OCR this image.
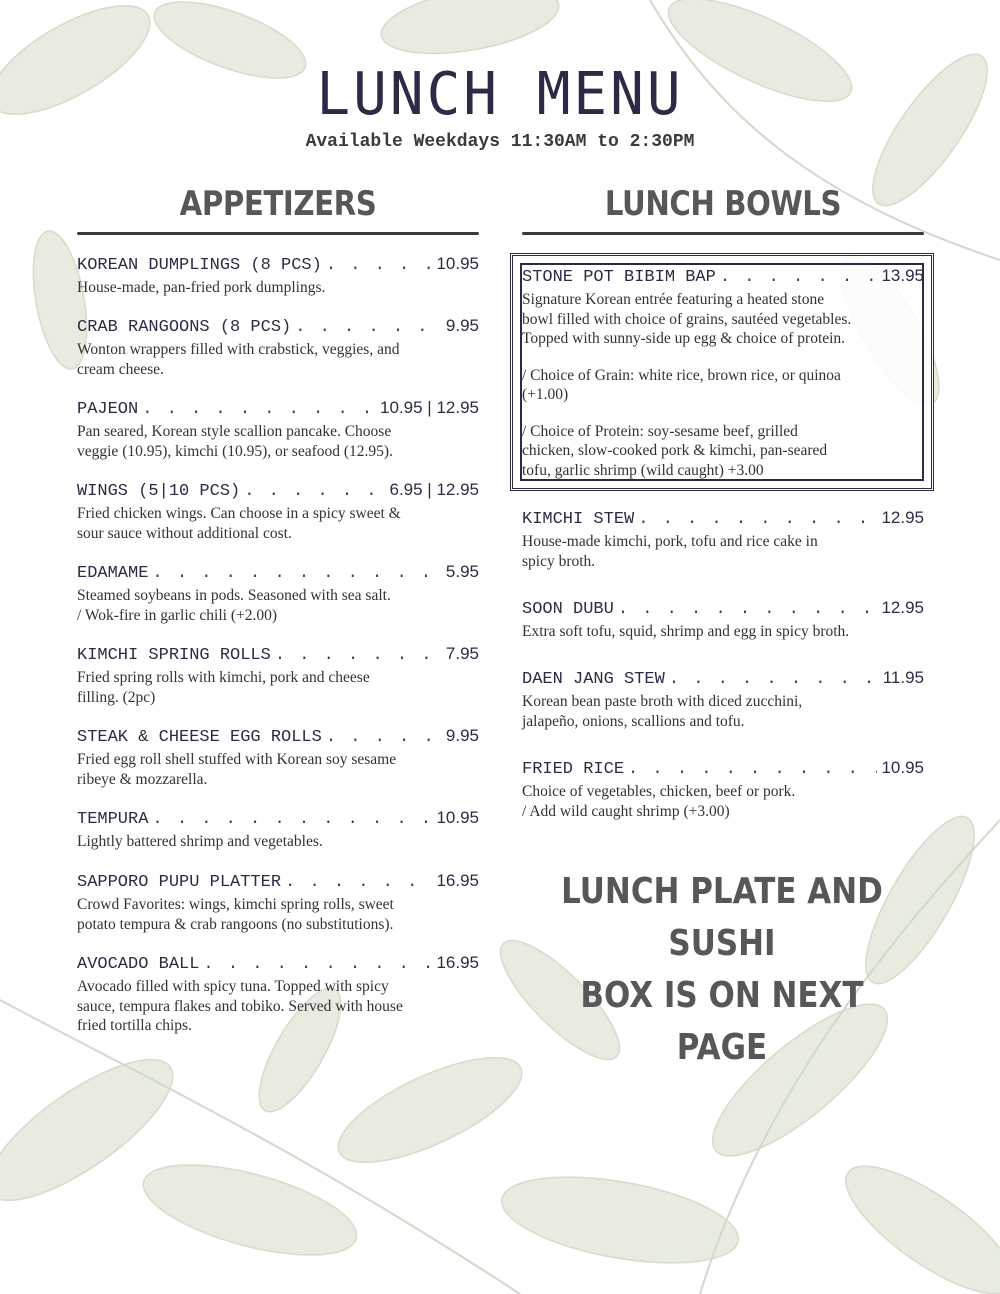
LUNCH MENU
Available Weekdays 11:30AM to 2:30PM
APPETIZERS	LUNCH BOWLS
KOREAN DUMPLINGS (8 PCS) . . .	10.95
House-made, pan-fried pork dumplings.
CRAB RANGOONS (8 PCS) . . .	9.95
Wonton wrappers filled with crabstick, veggies, and
cream cheese.
PAJEON . . .	10.95 | 12.95
Pan seared, Korean style scallion pancake. Choose
veggie (10.95), kimchi (10.95), or seafood (12.95).
WINGS (5|10 PCS) . . .	6.95 | 12.95
Fried chicken wings. Can choose in a spicy sweet &
sour sauce without additional cost.
EDAMAME . . .	5.95
Steamed soybeans in pods. Seasoned with sea salt.
/ Wok-fire in garlic chili (+2.00)
KIMCHI SPRING ROLLS . . .	7.95
Fried spring rolls with kimchi, pork and cheese
filling. (2pc)
STEAK & CHEESE EGG ROLLS . . .	9.95
Fried egg roll shell stuffed with Korean soy sesame
ribeye & mozzarella.
TEMPURA . . .	10.95
Lightly battered shrimp and vegetables.
SAPPORO PUPU PLATTER . . .	16.95
Crowd Favorites: wings, kimchi spring rolls, sweet
potato tempura & crab rangoons (no substitutions).
AVOCADO BALL . . .	16.95
Avocado filled with spicy tuna. Topped with spicy
sauce, tempura flakes and tobiko. Served with house
fried tortilla chips.
STONE POT BIBIM BAP . . .	13.95
Signature Korean entrée featuring a heated stone
bowl filled with choice of grains, sautéed vegetables.
Topped with sunny-side up egg & choice of protein.
/ Choice of Grain: white rice, brown rice, or quinoa
(+1.00)
/ Choice of Protein: soy-sesame beef, grilled
chicken, slow-cooked pork & kimchi, pan-seared
tofu, garlic shrimp (wild caught) +3.00
KIMCHI STEW . . .	12.95
House-made kimchi, pork, tofu and rice cake in
spicy broth.
SOON DUBU . . .	12.95
Extra soft tofu, squid, shrimp and egg in spicy broth.
DAEN JANG STEW . . .	11.95
Korean bean paste broth with diced zucchini,
jalapeño, onions, scallions and tofu.
FRIED RICE . . .	10.95
Choice of vegetables, chicken, beef or pork.
/ Add wild caught shrimp (+3.00)
LUNCH PLATE AND SUSHI
BOX IS ON NEXT PAGE
